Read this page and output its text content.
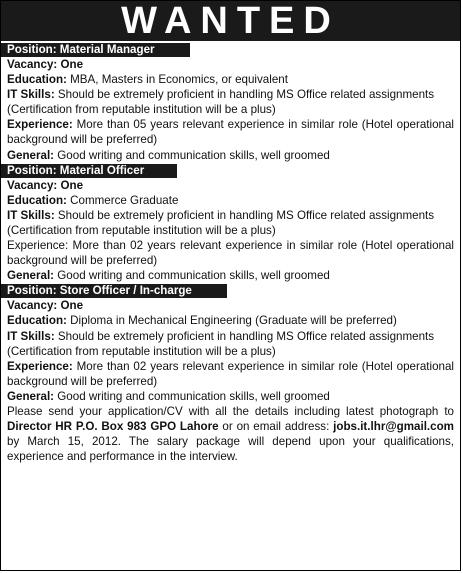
WANTED
Position: Material Manager
Vacancy: One
Education: MBA, Masters in Economics, or equivalent
IT Skills: Should be extremely proficient in handling MS Office related assignments
(Certification from reputable institution will be a plus)
Experience: More than 05 years relevant experience in similar role (Hotel operational background will be preferred)
General: Good writing and communication skills, well groomed
Position: Material Officer
Vacancy: One
Education: Commerce Graduate
IT Skills: Should be extremely proficient in handling MS Office related assignments
(Certification from reputable institution will be a plus)
Experience: More than 02 years relevant experience in similar role (Hotel operational background will be preferred)
General: Good writing and communication skills, well groomed
Position: Store Officer / In-charge
Vacancy: One
Education: Diploma in Mechanical Engineering (Graduate will be preferred)
IT Skills: Should be extremely proficient in handling MS Office related assignments
(Certification from reputable institution will be a plus)
Experience: More than 02 years relevant experience in similar role (Hotel operational background will be preferred)
General: Good writing and communication skills, well groomed
Please send your application/CV with all the details including latest photograph to Director HR P.O. Box 983 GPO Lahore or on email address: jobs.it.lhr@gmail.com by March 15, 2012. The salary package will depend upon your qualifications, experience and performance in the interview.
